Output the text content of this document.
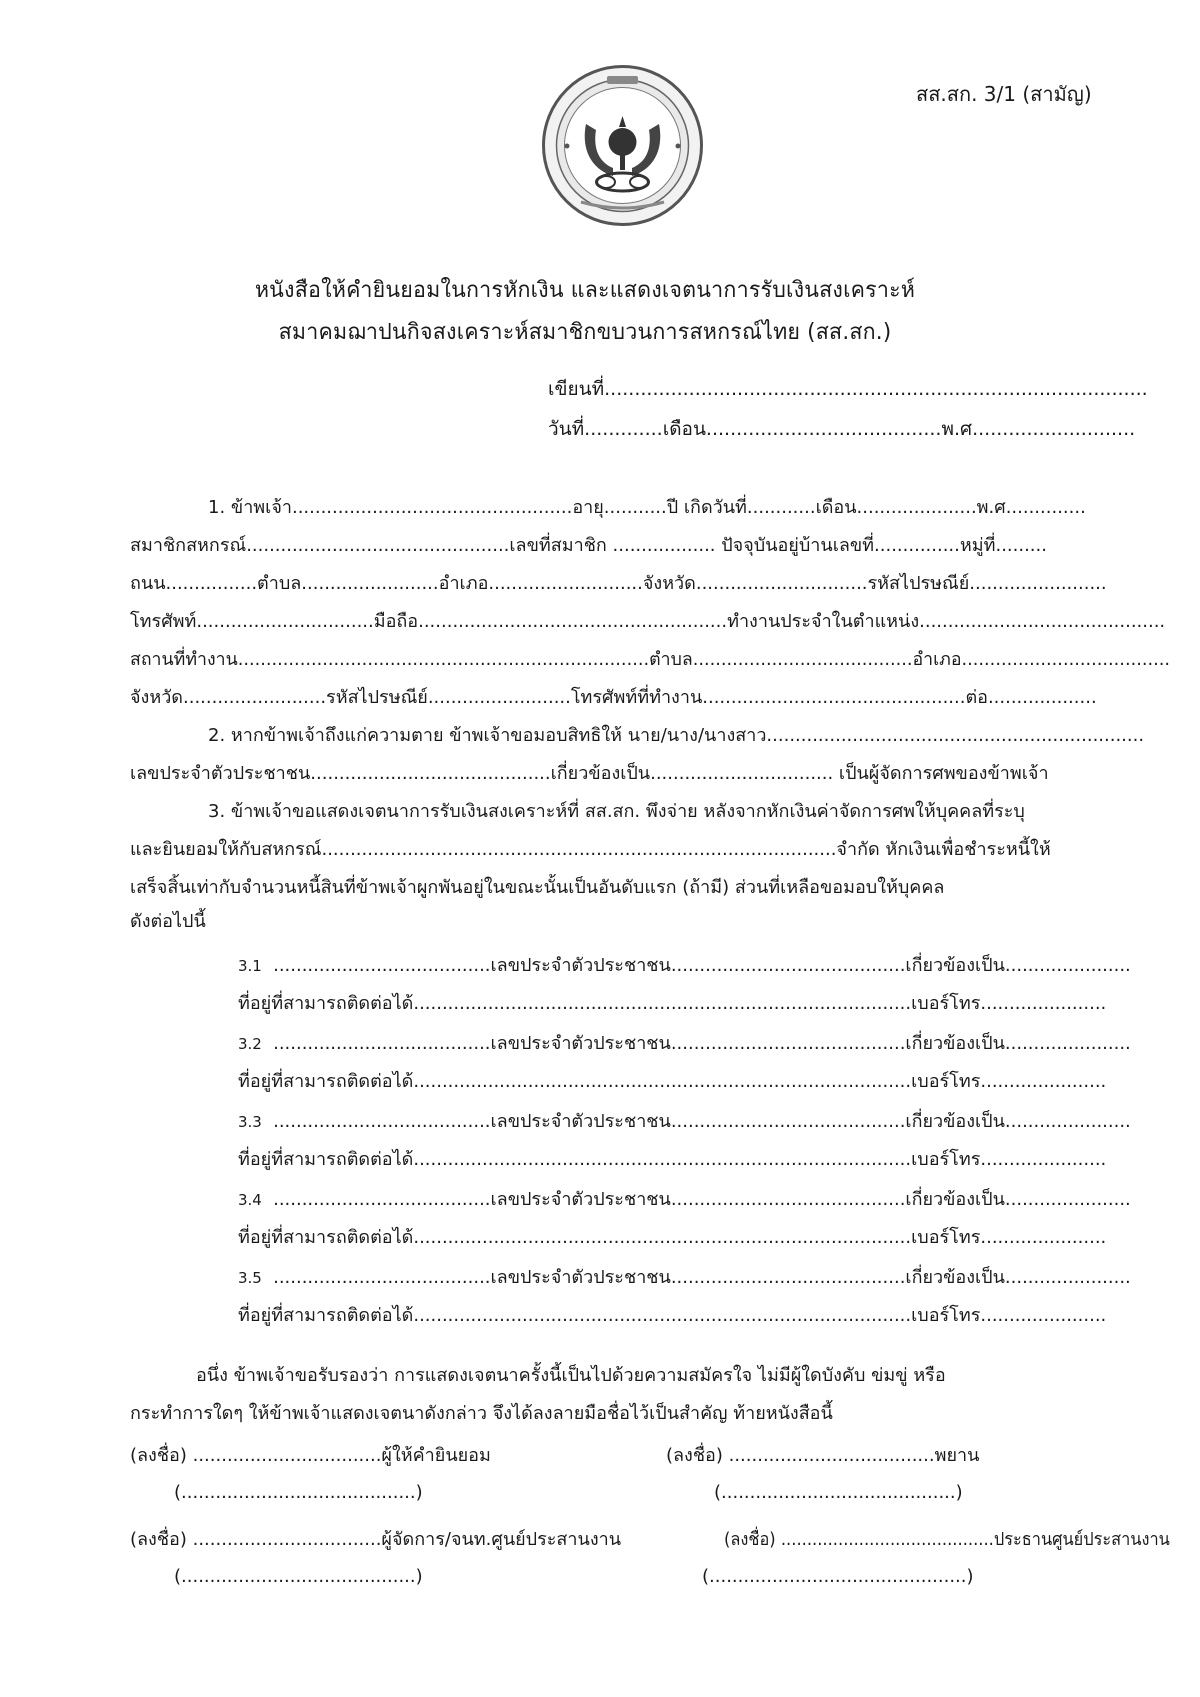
สส.สก. 3/1 (สามัญ)
หนังสือให้คำยินยอมในการหักเงิน และแสดงเจตนาการรับเงินสงเคราะห์
สมาคมฌาปนกิจสงเคราะห์สมาชิกขบวนการสหกรณ์ไทย (สส.สก.)
เขียนที่..........................................................................................
วันที่.............เดือน.......................................พ.ศ...........................
1. ข้าพเจ้า.................................................อายุ...........ปี เกิดวันที่............เดือน.....................พ.ศ..............
สมาชิกสหกรณ์..............................................เลขที่สมาชิก .................. ปัจจุบันอยู่บ้านเลขที่...............หมู่ที่.........
ถนน................ตำบล........................อำเภอ...........................จังหวัด..............................รหัสไปรษณีย์........................
โทรศัพท์...............................มือถือ......................................................ทำงานประจำในตำแหน่ง...........................................
สถานที่ทำงาน.........................................................................ตำบล.......................................อำเภอ.....................................
จังหวัด.........................รหัสไปรษณีย์.........................โทรศัพท์ที่ทำงาน..............................................ต่อ...................
2. หากข้าพเจ้าถึงแก่ความตาย ข้าพเจ้าขอมอบสิทธิให้ นาย/นาง/นางสาว..................................................................
เลขประจำตัวประชาชน..........................................เกี่ยวข้องเป็น................................ เป็นผู้จัดการศพของข้าพเจ้า
3. ข้าพเจ้าขอแสดงเจตนาการรับเงินสงเคราะห์ที่ สส.สก. พึงจ่าย หลังจากหักเงินค่าจัดการศพให้บุคคลที่ระบุ
และยินยอมให้กับสหกรณ์..........................................................................................จำกัด หักเงินเพื่อชำระหนี้ให้
เสร็จสิ้นเท่ากับจำนวนหนี้สินที่ข้าพเจ้าผูกพันอยู่ในขณะนั้นเป็นอันดับแรก (ถ้ามี) ส่วนที่เหลือขอมอบให้บุคคล
ดังต่อไปนี้
3.1 ......................................เลขประจำตัวประชาชน.........................................เกี่ยวข้องเป็น......................
ที่อยู่ที่สามารถติดต่อได้.......................................................................................เบอร์โทร......................
3.2 ......................................เลขประจำตัวประชาชน.........................................เกี่ยวข้องเป็น......................
ที่อยู่ที่สามารถติดต่อได้.......................................................................................เบอร์โทร......................
3.3 ......................................เลขประจำตัวประชาชน.........................................เกี่ยวข้องเป็น......................
ที่อยู่ที่สามารถติดต่อได้.......................................................................................เบอร์โทร......................
3.4 ......................................เลขประจำตัวประชาชน.........................................เกี่ยวข้องเป็น......................
ที่อยู่ที่สามารถติดต่อได้.......................................................................................เบอร์โทร......................
3.5 ......................................เลขประจำตัวประชาชน.........................................เกี่ยวข้องเป็น......................
ที่อยู่ที่สามารถติดต่อได้.......................................................................................เบอร์โทร......................
อนึ่ง ข้าพเจ้าขอรับรองว่า การแสดงเจตนาครั้งนี้เป็นไปด้วยความสมัครใจ ไม่มีผู้ใดบังคับ ข่มขู่ หรือ
กระทำการใดๆ ให้ข้าพเจ้าแสดงเจตนาดังกล่าว จึงได้ลงลายมือชื่อไว้เป็นสำคัญ ท้ายหนังสือนี้
(ลงชื่อ) .................................ผู้ให้คำยินยอม	(ลงชื่อ) ....................................พยาน
(.........................................)	(.........................................)
(ลงชื่อ) .................................ผู้จัดการ/จนท.ศูนย์ประสานงาน	(ลงชื่อ) .........................................ประธานศูนย์ประสานงาน
(.........................................)	(.............................................)
